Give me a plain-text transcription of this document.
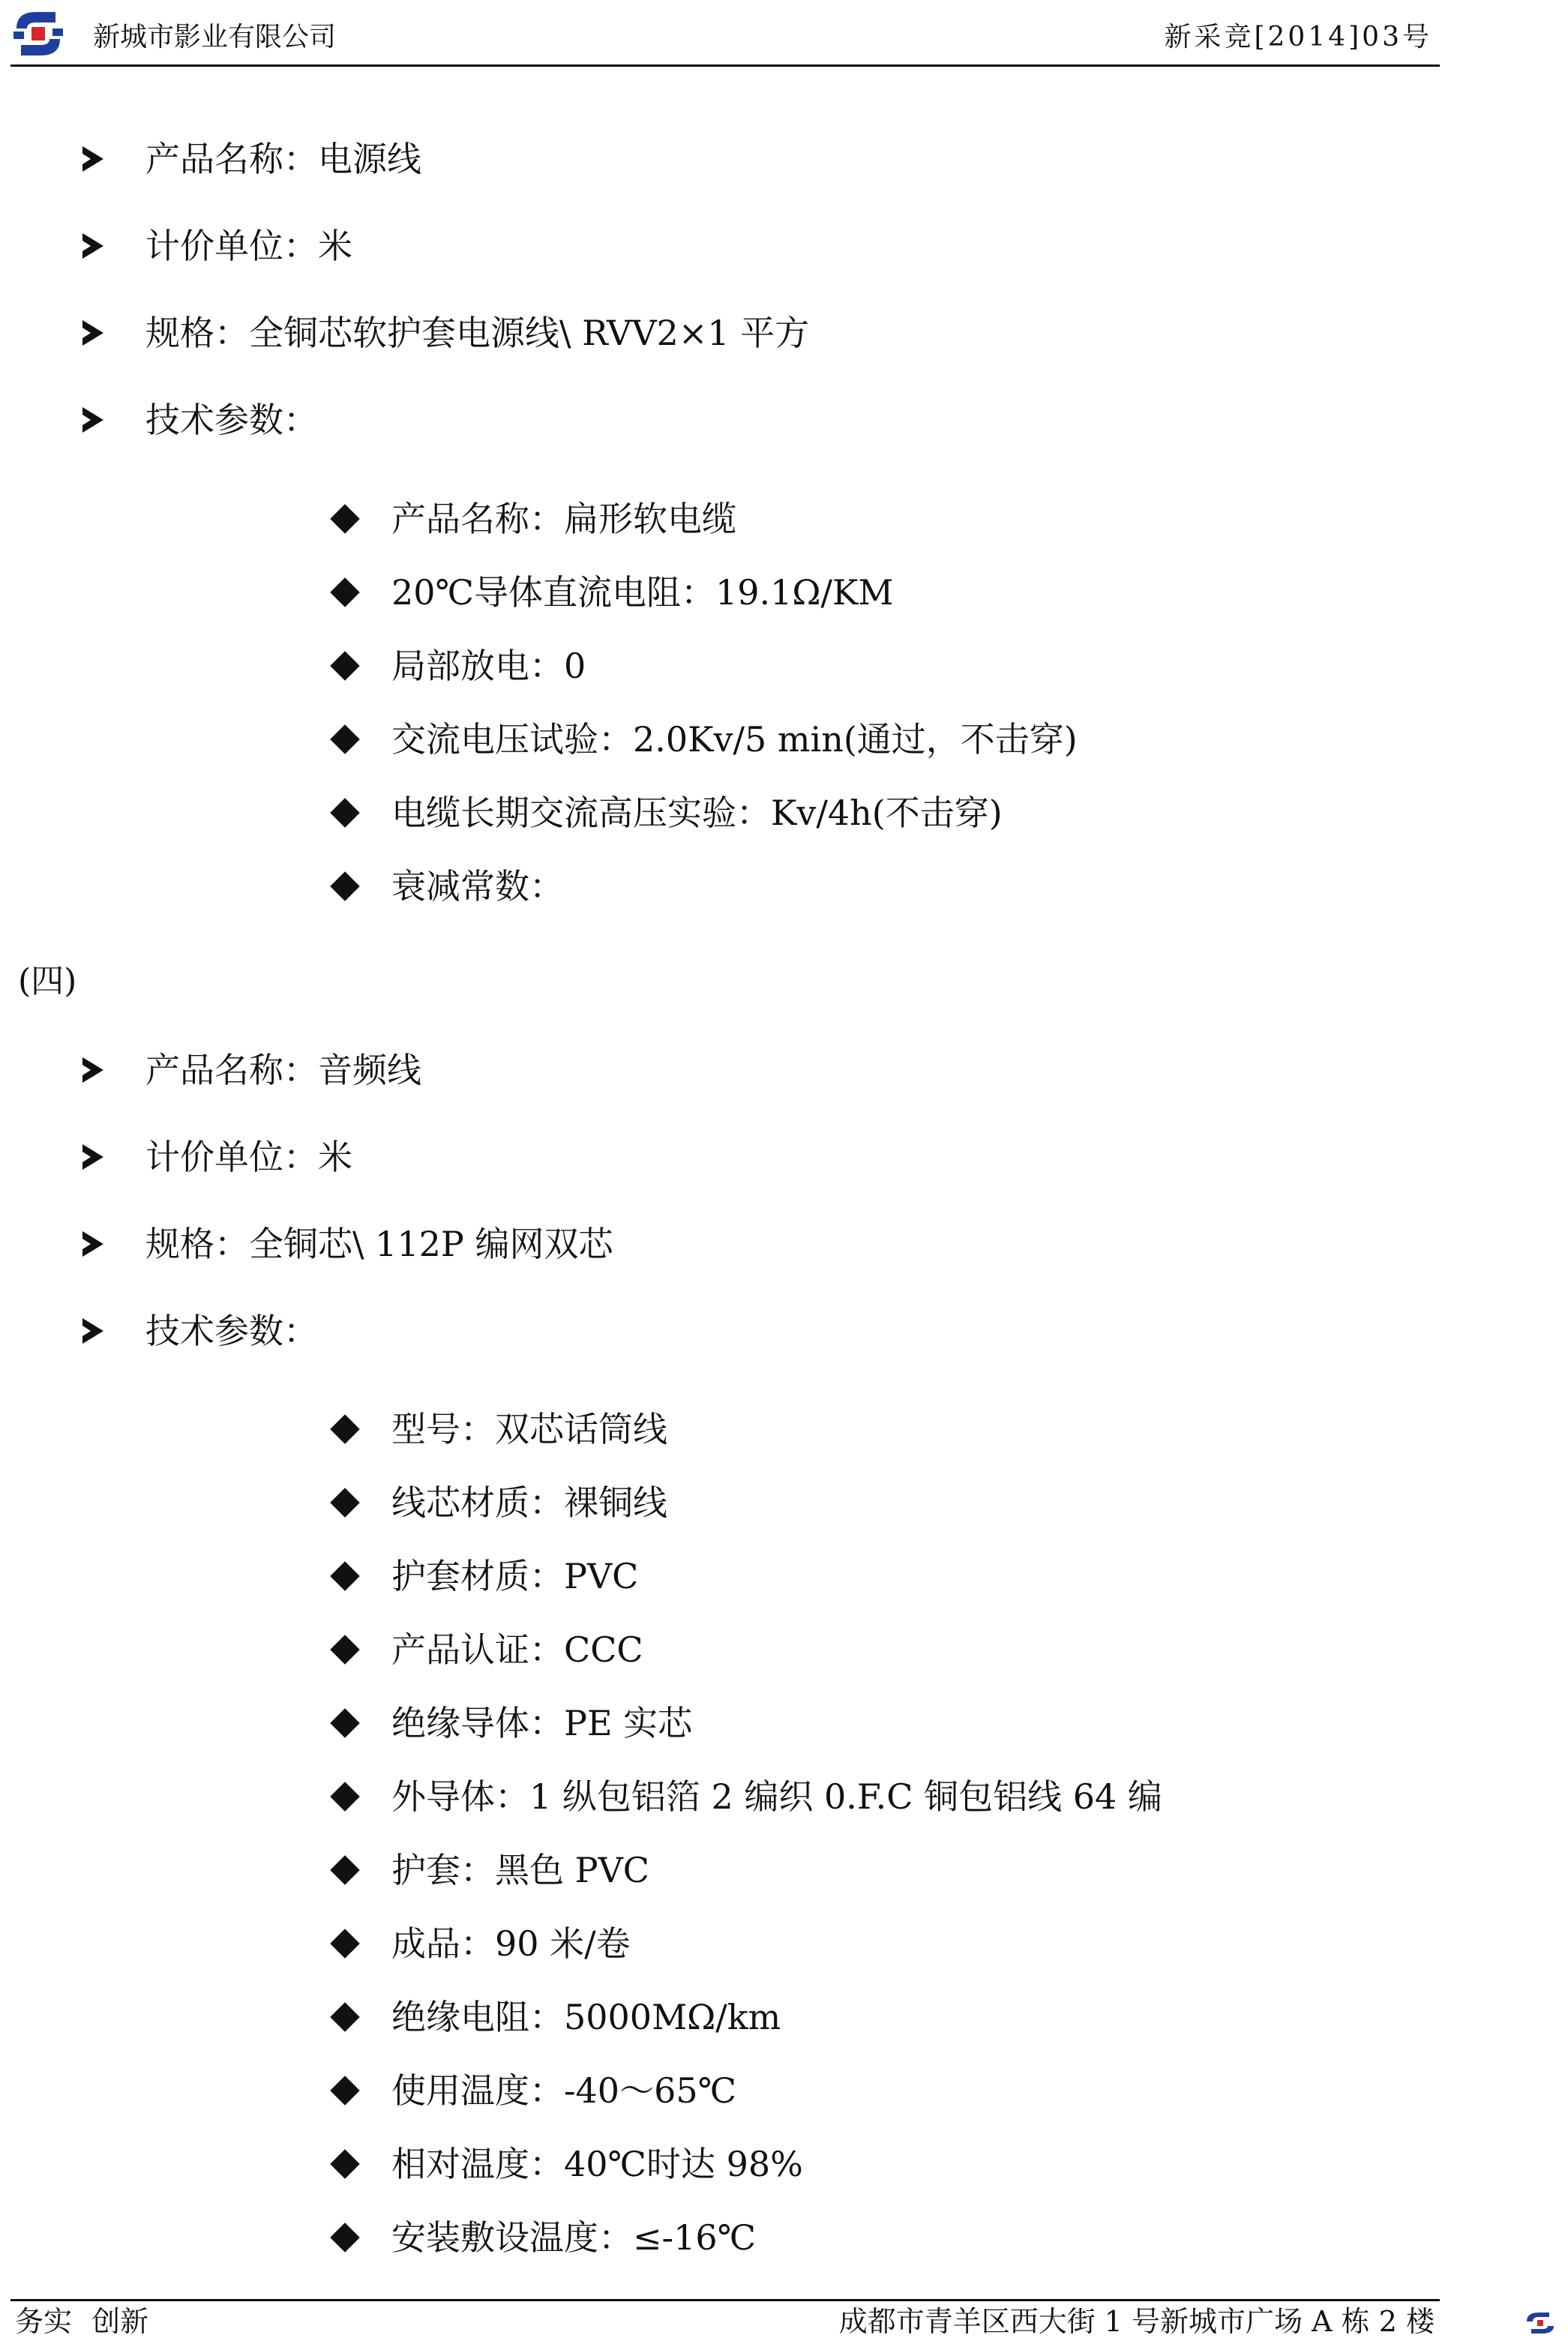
新城市影业有限公司	新采竞[2014]03号
产品名称：电源线
计价单位：米
规格：全铜芯软护套电源线\ RVV2×1 平方
技术参数：
产品名称：扁形软电缆
20℃导体直流电阻：19.1Ω/KM
局部放电：0
交流电压试验：2.0Kv/5 min(通过，不击穿)
电缆长期交流高压实验：Kv/4h(不击穿)
衰减常数：
(四)
产品名称：音频线
计价单位：米
规格：全铜芯\ 112P 编网双芯
技术参数：
型号：双芯话筒线
线芯材质：裸铜线
护套材质：PVC
产品认证：CCC
绝缘导体：PE 实芯
外导体：1 纵包铝箔 2 编织 0.F.C 铜包铝线 64 编
护套：黑色 PVC
成品：90 米/卷
绝缘电阻：5000MΩ/km
使用温度：-40～65℃
相对温度：40℃时达 98%
安装敷设温度：≤-16℃
务实 创新	成都市青羊区西大街 1 号新城市广场 A 栋 2 楼
